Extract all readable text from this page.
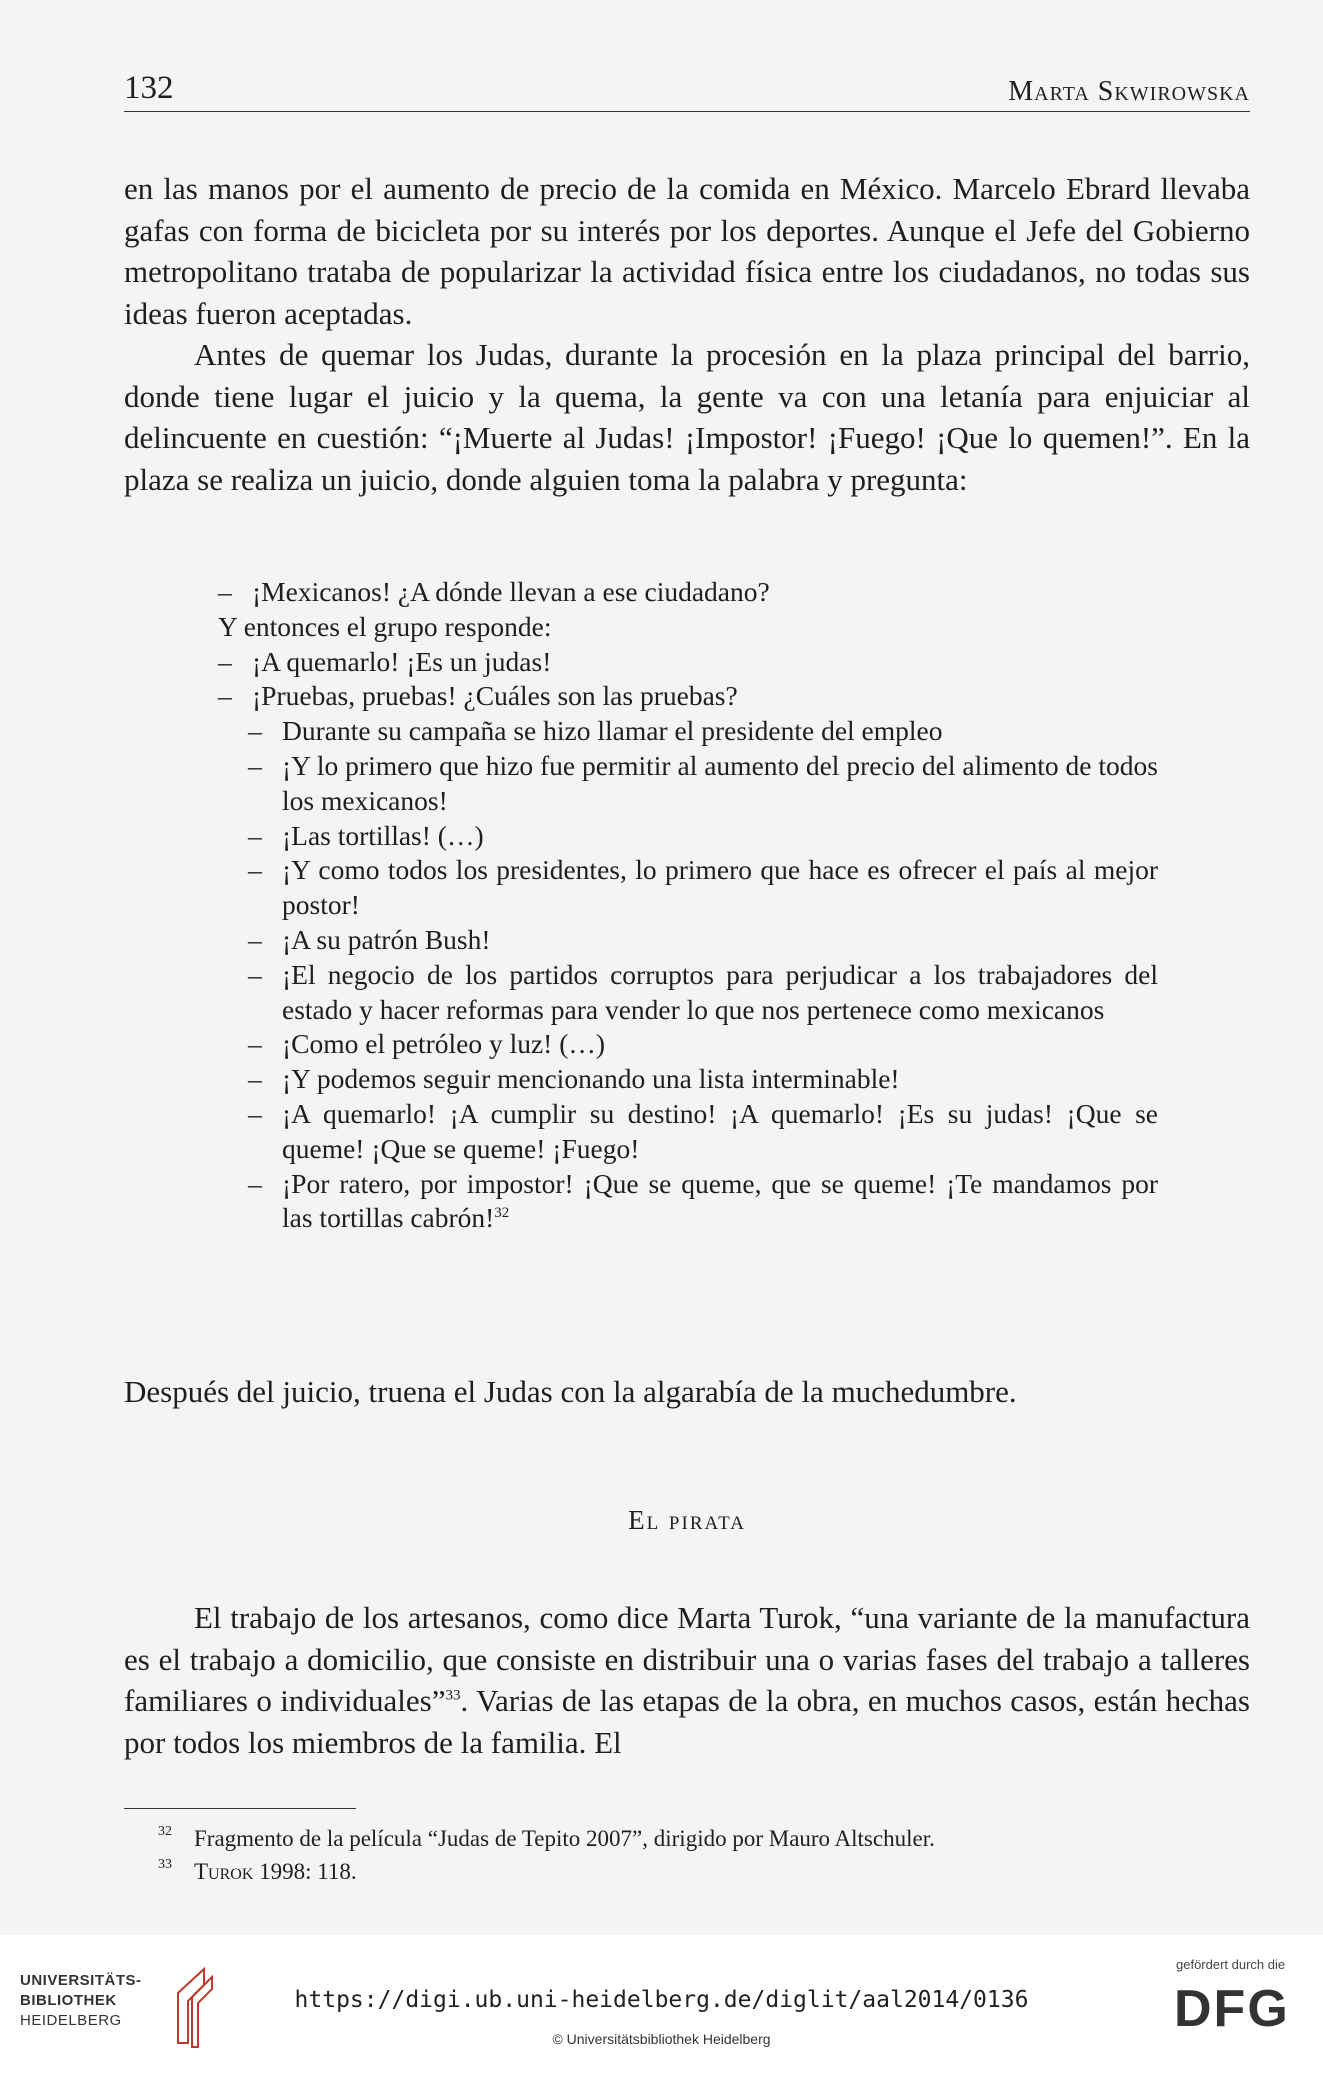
132	Marta Skwirowska

en las manos por el aumento de precio de la comida en México. Marcelo Ebrard llevaba gafas con forma de bicicleta por su interés por los deportes. Aunque el Jefe del Gobierno metropolitano trataba de popularizar la actividad física entre los ciudadanos, no todas sus ideas fueron aceptadas.

Antes de quemar los Judas, durante la procesión en la plaza principal del barrio, donde tiene lugar el juicio y la quema, la gente va con una letanía para enjuiciar al delincuente en cuestión: “¡Muerte al Judas! ¡Impostor! ¡Fuego! ¡Que lo quemen!”. En la plaza se realiza un juicio, donde alguien toma la palabra y pregunta:

– ¡Mexicanos! ¿A dónde llevan a ese ciudadano?
Y entonces el grupo responde:
– ¡A quemarlo! ¡Es un judas!
– ¡Pruebas, pruebas! ¿Cuáles son las pruebas?
– Durante su campaña se hizo llamar el presidente del empleo
– ¡Y lo primero que hizo fue permitir al aumento del precio del alimento de todos los mexicanos!
– ¡Las tortillas! (…)
– ¡Y como todos los presidentes, lo primero que hace es ofrecer el país al mejor postor!
– ¡A su patrón Bush!
– ¡El negocio de los partidos corruptos para perjudicar a los trabajadores del estado y hacer reformas para vender lo que nos pertenece como mexicanos
– ¡Como el petróleo y luz! (…)
– ¡Y podemos seguir mencionando una lista interminable!
– ¡A quemarlo! ¡A cumplir su destino! ¡A quemarlo! ¡Es su judas! ¡Que se queme! ¡Que se queme! ¡Fuego!
– ¡Por ratero, por impostor! ¡Que se queme, que se queme! ¡Te mandamos por las tortillas cabrón!$^{32}$

Después del juicio, truena el Judas con la algarabía de la muchedumbre.

El pirata

El trabajo de los artesanos, como dice Marta Turok, “una variante de la manufactura es el trabajo a domicilio, que consiste en distribuir una o varias fases del trabajo a talleres familiares o individuales”$^{33}$. Varias de las etapas de la obra, en muchos casos, están hechas por todos los miembros de la familia. El

32 Fragmento de la película “Judas de Tepito 2007”, dirigido por Mauro Altschuler.
33 Turok 1998: 118.
UNIVERSITÄTS-
BIBLIOTHEK
HEIDELBERG
https://digi.ub.uni-heidelberg.de/diglit/aal2014/0136
© Universitätsbibliothek Heidelberg
gefördert durch die
DFG
